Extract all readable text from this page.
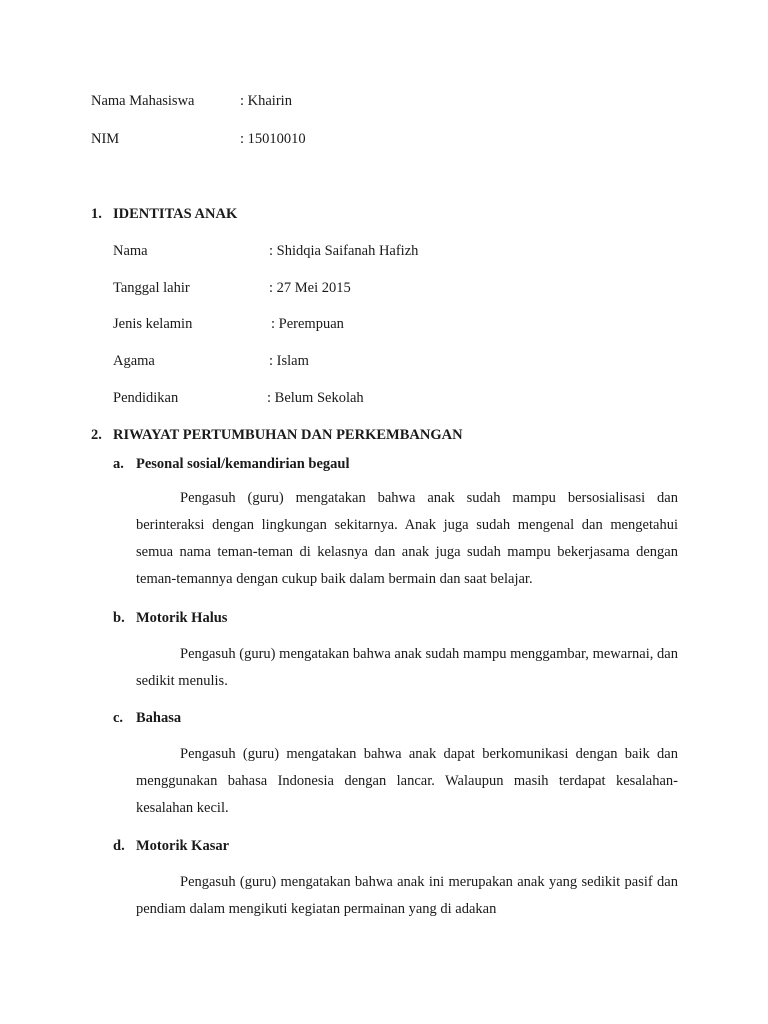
Nama Mahasiswa	: Khairin
NIM	: 15010010
1. IDENTITAS ANAK
Nama	: Shidqia Saifanah Hafizh
Tanggal lahir	: 27 Mei 2015
Jenis kelamin	: Perempuan
Agama	: Islam
Pendidikan	: Belum Sekolah
2. RIWAYAT PERTUMBUHAN DAN PERKEMBANGAN
a. Pesonal sosial/kemandirian begaul

Pengasuh (guru) mengatakan bahwa anak sudah mampu bersosialisasi dan berinteraksi dengan lingkungan sekitarnya. Anak juga sudah mengenal dan mengetahui semua nama teman-teman di kelasnya dan anak juga sudah mampu bekerjasama dengan teman-temannya dengan cukup baik dalam bermain dan saat belajar.

b. Motorik Halus

Pengasuh (guru) mengatakan bahwa anak sudah mampu menggambar, mewarnai, dan sedikit menulis.

c. Bahasa

Pengasuh (guru) mengatakan bahwa anak dapat berkomunikasi dengan baik dan menggunakan bahasa Indonesia dengan lancar. Walaupun masih terdapat kesalahan-kesalahan kecil.

d. Motorik Kasar

Pengasuh (guru) mengatakan bahwa anak ini merupakan anak yang sedikit pasif dan pendiam dalam mengikuti kegiatan permainan yang di adakan
